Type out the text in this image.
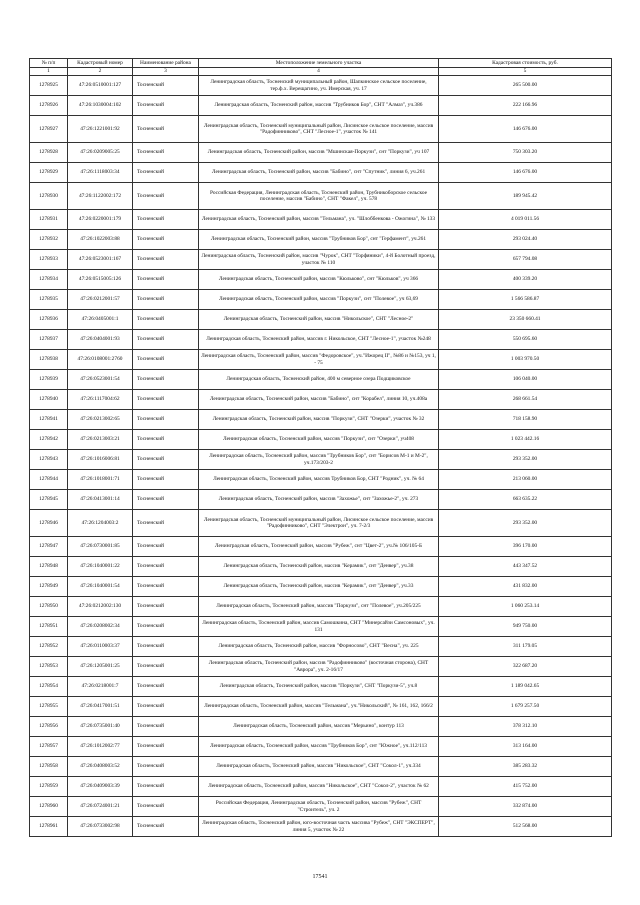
№ п/п	Кадастровый номер	Наименование района	Местоположение земельного участка	Кадастровая стоимость, руб.
1	2	3	4	5
1278925	47:26:0510001:127	Тосненский	Ленинградская область, Тосненский муниципальный район, Шапкинское сельское поселение, тер.ф.х. Верещагино, уч. Имерская, уч. 17	265 500.00
1278926	47:26:1030004:102	Тосненский	Ленинградская область, Тосненский район, массив "Трубников Бор", СНТ "Алмаз", уч.386	222 166.96
1278927	47:26:1221001:92	Тосненский	Ленинградская область, Тосненский муниципальный район, Лисинское сельское поселение, массив "Радофинниково", СНТ "Лесное-1", участок № 141	146 676.00
1278928	47:26:0209005:25	Тосненский	Ленинградская область, Тосненский район, массив "Мшинская-Поркузи", снт "Поркузи", уч 107	750 303.20
1278929	47:26:1118003:34	Тосненский	Ленинградская область, Тосненский район, массив "Бабино", снт "Спутник", линия 6, уч.261	146 676.00
1278930	47:26:1122002:172	Тосненский	Российская Федерация, Ленинградская область, Тосненский район, Трубникоборское сельское поселение, массив "Бабино", СНТ "Факел", уч. 578	189 945.42
1278931	47:26:0220001:179	Тосненский	Ленинградская область, Тосненский район, массив "Тельмана", уч. "Шлоббенкова - Ожогина", № 133	4 019 011.56
1278932	47:26:1022003:88	Тосненский	Ленинградская область, Тосненский район, массив "Трубников Бор", снт "Герфамент", уч.261	293 024.40
1278933	47:26:0523001:167	Тосненский	Ленинградская область, Тосненский район, массив "Чурок", СНТ "Торфяники", 4-й Болотный проезд, участок № 110	657 794.08
1278934	47:26:0515005:126	Тосненский	Ленинградская область, Тосненский район, массив "Кюльково", снт "Кюльков", уч 366	400 339.20
1278935	47:26:0212001:57	Тосненский	Ленинградская область, Тосненский район, массив "Поркузи", снт "Полевое", уч 63,69	1 566 586.87
1278936	47:26:0405001:1	Тосненский	Ленинградская область, Тосненский район, массив "Никольское", СНТ "Лесное-2"	23 350 660.41
1278937	47:26:0404001:93	Тосненский	Ленинградская область, Тосненский район, массив г. Никольское, СНТ "Лесное-1", участок №248	550 695.60
1278938	47:26:0108001:2760	Тосненский	Ленинградская область, Тосненский район, массив "Федоровское", уч."Ижорец II", №86 и №153, уч 1, - 75	1 003 970.50
1278939	47:26:0523001:54	Тосненский	Ленинградская область, Тосненский район, 400 м северное озера Подщиковское	106 040.00
1278940	47:26:1117004:62	Тосненский	Ленинградская область, Тосненский район, массив "Бабино", снт "Корабел", линия 10, уч.408а	268 661.54
1278941	47:26:0213002:65	Тосненский	Ленинградская область, Тосненский район, массив "Поркузи", СНТ "Озерки", участок № 32	718 158.90
1278942	47:26:0213003:21	Тосненский	Ленинградская область, Тосненский район, массив "Поркузи", снт "Озерки", уч408	1 023 442.16
1278943	47:26:1016006:81	Тосненский	Ленинградская область, Тосненский район, массив "Трубников Бор", снт "Борисов М-1 и М-2", уч.173/203-2	293 352.00
1278944	47:26:1018001:71	Тосненский	Ленинградская область, Тосненский район, массив Трубников Бор, СНТ "Родник", уч. № 64	213 060.00
1278945	47:26:0413001:14	Тосненский	Ленинградская область, Тосненский район, массив "Захожье", снт "Захожье-2", уч. 273	663 635.22
1278946	47:26:1204003:2	Тосненский	Ленинградская область, Тосненский муниципальный район, Лисинское сельское поселение, массив "Радофинниково", СНТ "Электрон", уч. 7-2/3	293 352.00
1278947	47:26:0730001:85	Тосненский	Ленинградская область, Тосненский район, массив "Рубеж", снт "Цвет-2", уч.№ 106/105-Б	396 170.00
1278948	47:26:1040001:22	Тосненский	Ленинградская область, Тосненский район, массив "Керамик", снт "Денвер", уч.38	443 347.52
1278949	47:26:1040001:54	Тосненский	Ленинградская область, Тосненский район, массив "Керамик", снт "Денвер", уч.33	431 832.00
1278950	47:26:0212002:130	Тосненский	Ленинградская область, Тосненский район, массив "Поркузи", снт "Полевое", уч.205/225	1 060 253.14
1278951	47:26:0208002:34	Тосненский	Ленинградская область, Тосненский район, массив Самошкина, СНТ "Минерсайзи Самсоновых", уч. 131	949 750.00
1278952	47:26:0110003:37	Тосненский	Ленинградская область, Тосненский район, массив "Форносово", СНТ "Весна", уч. 225	311 179.05
1278953	47:26:1205001:25	Тосненский	Ленинградская область, Тосненский район, массив "Радофинниково" (восточная сторона), СНТ "Аврора", уч. 2-16/17	322 687.20
1278954	47:26:0218001:7	Тосненский	Ленинградская область, Тосненский район, массив "Поркузи", СНТ "Поркузи-5", уч.8	1 189 042.65
1278955	47:26:0417001:51	Тосненский	Ленинградская область, Тосненский район, массив "Тельмана", уч."Никольский", № 161, 162, 166/2	1 679 257.50
1278956	47:26:0735001:40	Тосненский	Ленинградская область, Тосненский район, массив "Мерьино", контур 113	378 312.10
1278957	47:26:1012002:77	Тосненский	Ленинградская область, Тосненский район, массив "Трубников Бор", снт "Южное", уч.112/113	313 164.00
1278958	47:26:0408003:52	Тосненский	Ленинградская область, Тосненский район, массив "Никольское", СНТ "Сокол-1", уч.334	385 283.32
1278959	47:26:0409003:39	Тосненский	Ленинградская область, Тосненский район, массив "Никольское", СНТ "Сокол-2", участок № 62	415 752.00
1278960	47:26:0724001:21	Тосненский	Российская Федерация, Ленинградская область, Тосненский район, массив "Рубеж", СНТ "Строитель", уч. 2	332 874.00
1278961	47:26:0733002:98	Тосненский	Ленинградская область, Тосненский район, юго-восточная часть массива "Рубеж", СНТ "ЭКСПЕРТ", линия 5, участок № 22	512 568.00
17541
